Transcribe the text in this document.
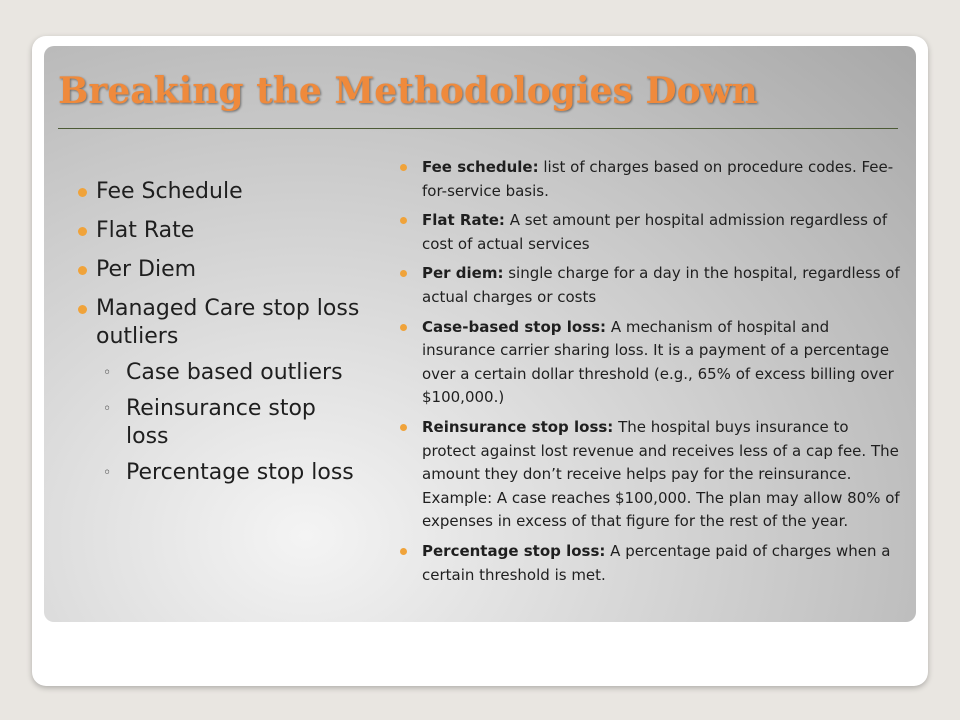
Breaking the Methodologies Down
Fee Schedule
Flat Rate
Per Diem
Managed Care stop loss outliers
◦ Case based outliers
◦ Reinsurance stop loss
◦ Percentage stop loss
Fee schedule: list of charges based on procedure codes. Fee-for-service basis.
Flat Rate: A set amount per hospital admission regardless of cost of actual services
Per diem: single charge for a day in the hospital, regardless of actual charges or costs
Case-based stop loss: A mechanism of hospital and insurance carrier sharing loss. It is a payment of a percentage over a certain dollar threshold (e.g., 65% of excess billing over $100,000.)
Reinsurance stop loss: The hospital buys insurance to protect against lost revenue and receives less of a cap fee. The amount they don’t receive helps pay for the reinsurance. Example: A case reaches $100,000. The plan may allow 80% of expenses in excess of that figure for the rest of the year.
Percentage stop loss: A percentage paid of charges when a certain threshold is met.
